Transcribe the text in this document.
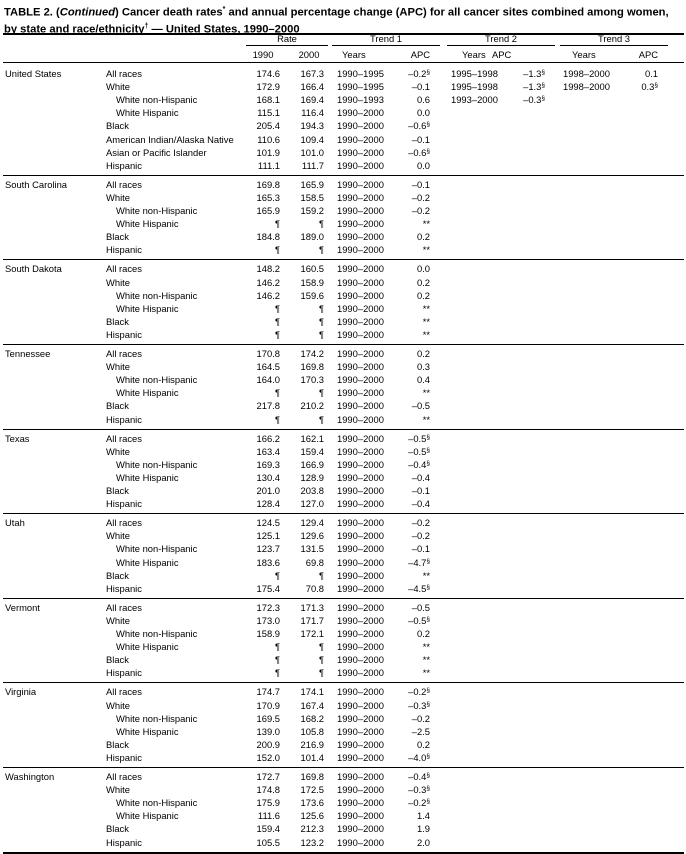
TABLE 2. (Continued) Cancer death rates* and annual percentage change (APC) for all cancer sites combined among women,
by state and race/ethnicity† — United States, 1990–2000
Rate	Trend 1	Trend 2	Trend 3
1990	2000	Years	APC	Years APC	Years	APC
United States	All races	174.6	167.3 1990–1995	–0.2§ 1995–1998	–1.3§ 1998–2000	0.1
White	172.9	166.4 1990–1995	–0.1 1995–1998	–1.3§ 1998–2000	0.3§
White non-Hispanic	168.1	169.4 1990–1993	0.6 1993–2000	–0.3§
White Hispanic	115.1	116.4 1990–2000	0.0
Black	205.4	194.3 1990–2000	–0.6§
American Indian/Alaska Native	110.6	109.4 1990–2000	–0.1
Asian or Pacific Islander	101.9	101.0 1990–2000	–0.6§
Hispanic	111.1	111.7 1990–2000	0.0
South Carolina	All races	169.8	165.9 1990–2000	–0.1
White	165.3	158.5 1990–2000	–0.2
White non-Hispanic	165.9	159.2 1990–2000	–0.2
White Hispanic	¶	¶ 1990–2000	**
Black	184.8	189.0 1990–2000	0.2
Hispanic	¶	¶ 1990–2000	**
South Dakota	All races	148.2	160.5 1990–2000	0.0
White	146.2	158.9 1990–2000	0.2
White non-Hispanic	146.2	159.6 1990–2000	0.2
White Hispanic	¶	¶ 1990–2000	**
Black	¶	¶ 1990–2000	**
Hispanic	¶	¶ 1990–2000	**
Tennessee	All races	170.8	174.2 1990–2000	0.2
White	164.5	169.8 1990–2000	0.3
White non-Hispanic	164.0	170.3 1990–2000	0.4
White Hispanic	¶	¶ 1990–2000	**
Black	217.8	210.2 1990–2000	–0.5
Hispanic	¶	¶ 1990–2000	**
Texas	All races	166.2	162.1 1990–2000	–0.5§
White	163.4	159.4 1990–2000	–0.5§
White non-Hispanic	169.3	166.9 1990–2000	–0.4§
White Hispanic	130.4	128.9 1990–2000	–0.4
Black	201.0	203.8 1990–2000	–0.1
Hispanic	128.4	127.0 1990–2000	–0.4
Utah	All races	124.5	129.4 1990–2000	–0.2
White	125.1	129.6 1990–2000	–0.2
White non-Hispanic	123.7	131.5 1990–2000	–0.1
White Hispanic	183.6	69.8 1990–2000	–4.7§
Black	¶	¶ 1990–2000	**
Hispanic	175.4	70.8 1990–2000	–4.5§
Vermont	All races	172.3	171.3 1990–2000	–0.5
White	173.0	171.7 1990–2000	–0.5§
White non-Hispanic	158.9	172.1 1990–2000	0.2
White Hispanic	¶	¶ 1990–2000	**
Black	¶	¶ 1990–2000	**
Hispanic	¶	¶ 1990–2000	**
Virginia	All races	174.7	174.1 1990–2000	–0.2§
White	170.9	167.4 1990–2000	–0.3§
White non-Hispanic	169.5	168.2 1990–2000	–0.2
White Hispanic	139.0	105.8 1990–2000	–2.5
Black	200.9	216.9 1990–2000	0.2
Hispanic	152.0	101.4 1990–2000	–4.0§
Washington	All races	172.7	169.8 1990–2000	–0.4§
White	174.8	172.5 1990–2000	–0.3§
White non-Hispanic	175.9	173.6 1990–2000	–0.2§
White Hispanic	111.6	125.6 1990–2000	1.4
Black	159.4	212.3 1990–2000	1.9
Hispanic	105.5	123.2 1990–2000	2.0
